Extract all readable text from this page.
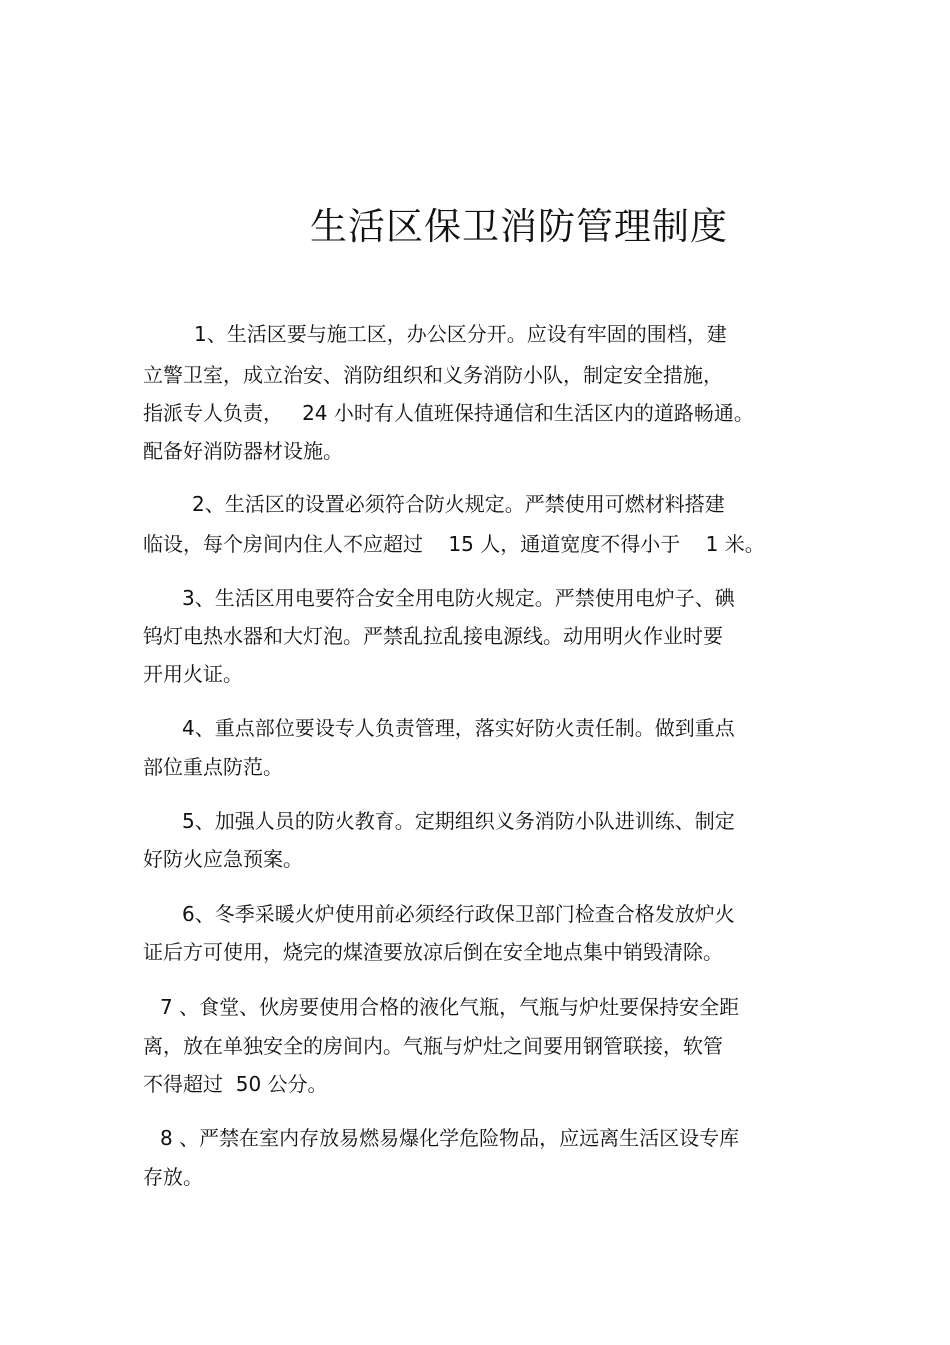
生活区保卫消防管理制度
1、生活区要与施工区，办公区分开。应设有牢固的围档，建
立警卫室，成立治安、消防组织和义务消防小队，制定安全措施，
指派专人负责，   24 小时有人值班保持通信和生活区内的道路畅通。
配备好消防器材设施。
2、生活区的设置必须符合防火规定。严禁使用可燃材料搭建
临设，每个房间内住人不应超过    15 人，通道宽度不得小于    1 米。
3、生活区用电要符合安全用电防火规定。严禁使用电炉子、碘
钨灯电热水器和大灯泡。严禁乱拉乱接电源线。动用明火作业时要
开用火证。
4、重点部位要设专人负责管理，落实好防火责任制。做到重点
部位重点防范。
5、加强人员的防火教育。定期组织义务消防小队进训练、制定
好防火应急预案。
6、冬季采暖火炉使用前必须经行政保卫部门检查合格发放炉火
证后方可使用，烧完的煤渣要放凉后倒在安全地点集中销毁清除。
7 、食堂、伙房要使用合格的液化气瓶，气瓶与炉灶要保持安全距
离，放在单独安全的房间内。气瓶与炉灶之间要用钢管联接，软管
不得超过  50 公分。
8 、严禁在室内存放易燃易爆化学危险物品，应远离生活区设专库
存放。
